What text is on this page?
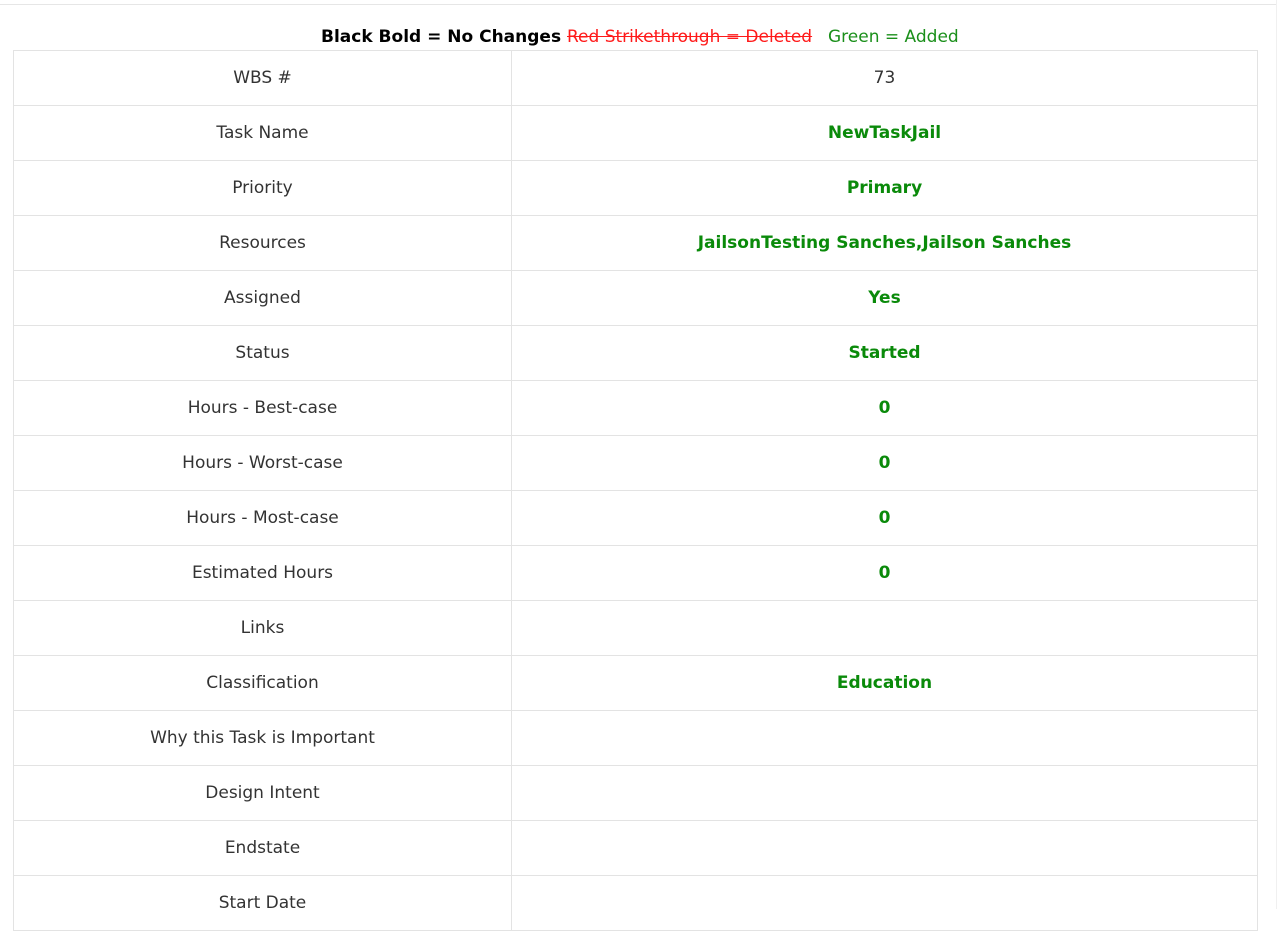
Black Bold = No Changes Red Strikethrough = Deleted Green = Added
WBS #	73
Task Name	NewTaskJail
Priority	Primary
Resources	JailsonTesting Sanches,Jailson Sanches
Assigned	Yes
Status	Started
Hours - Best-case	0
Hours - Worst-case	0
Hours - Most-case	0
Estimated Hours	0
Links	
Classification	Education
Why this Task is Important	
Design Intent	
Endstate	
Start Date	
